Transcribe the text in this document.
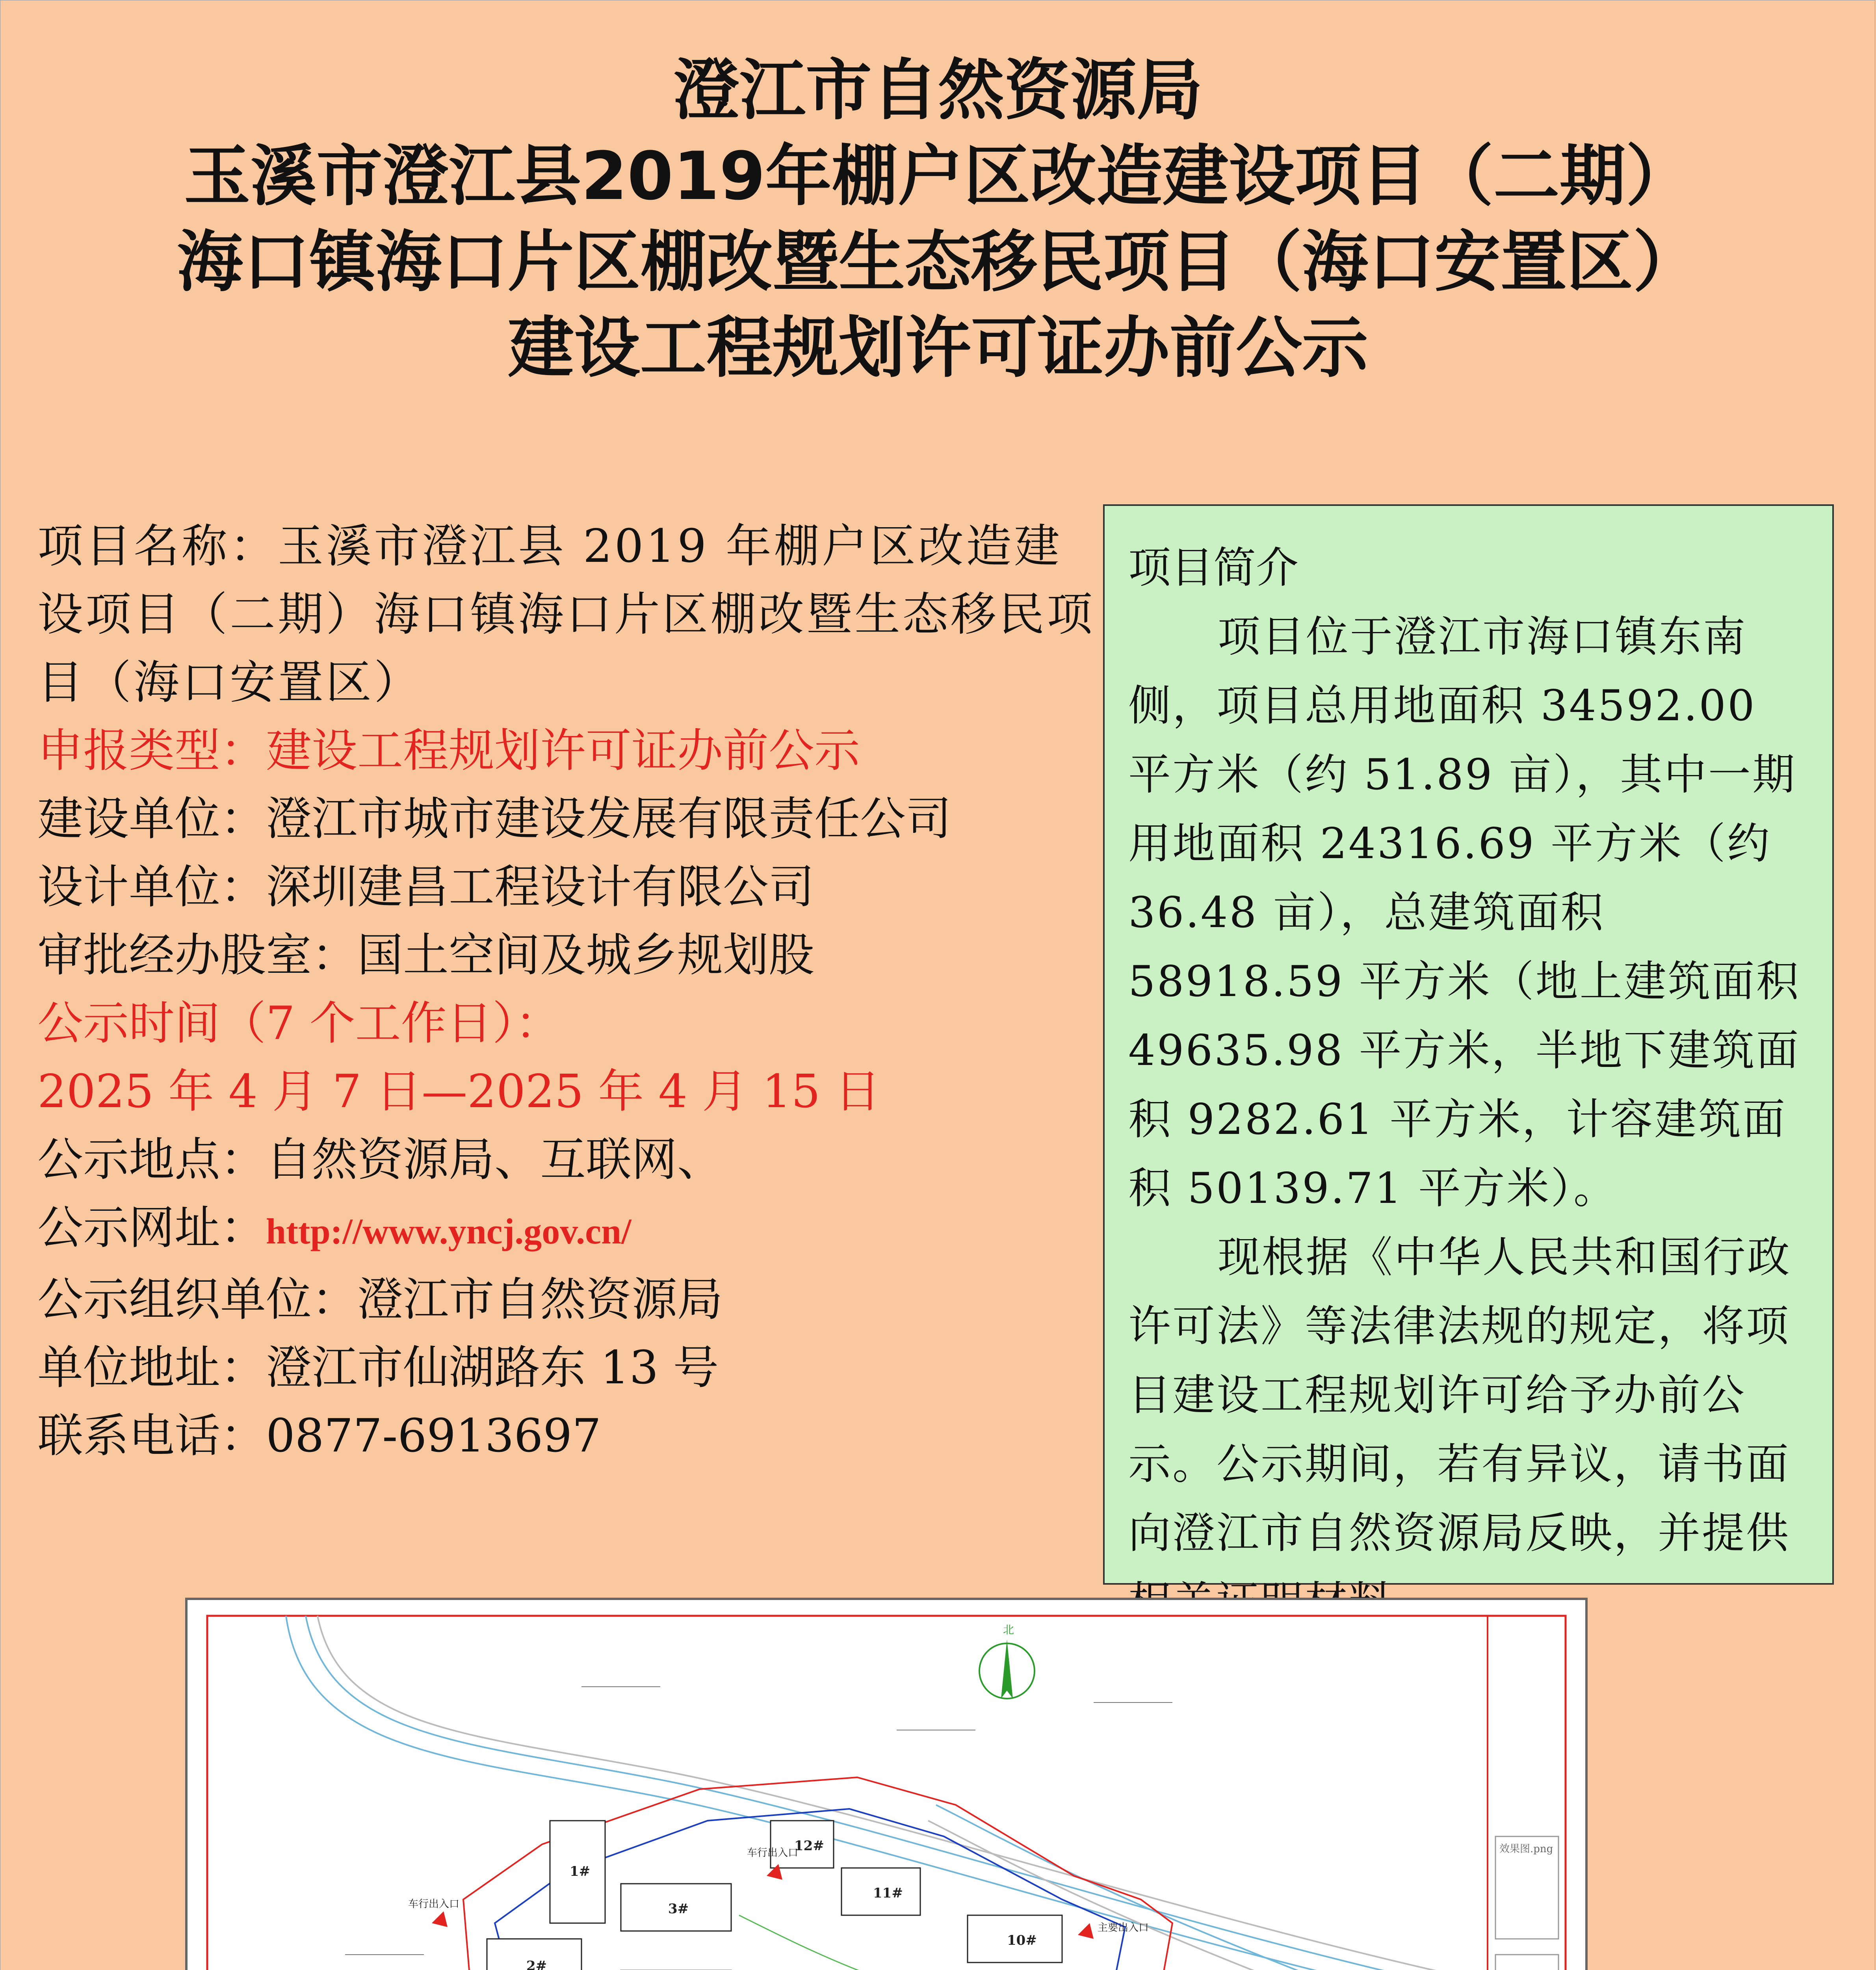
澄江市自然资源局
玉溪市澄江县2019年棚户区改造建设项目（二期）
海口镇海口片区棚改暨生态移民项目（海口安置区）
建设工程规划许可证办前公示
项目名称：玉溪市澄江县 2019 年棚户区改造建设项目（二期）海口镇海口片区棚改暨生态移民项目（海口安置区）
申报类型：建设工程规划许可证办前公示
建设单位：澄江市城市建设发展有限责任公司
设计单位：深圳建昌工程设计有限公司
审批经办股室：国土空间及城乡规划股
公示时间（7 个工作日）：
2025 年 4 月 7 日—2025 年 4 月 15 日
公示地点：自然资源局、互联网、
公示网址：http://www.yncj.gov.cn/
公示组织单位：澄江市自然资源局
单位地址：澄江市仙湖路东 13 号
联系电话：0877-6913697
项目简介
项目位于澄江市海口镇东南侧，项目总用地面积 34592.00 平方米（约 51.89 亩），其中一期用地面积 24316.69 平方米（约 36.48 亩），总建筑面积 58918.59 平方米（地上建筑面积 49635.98 平方米，半地下建筑面积 9282.61 平方米，计容建筑面积 50139.71 平方米）。
现根据《中华人民共和国行政许可法》等法律法规的规定，将项目建设工程规划许可给予办前公示。公示期间，若有异议，请书面向澄江市自然资源局反映，并提供
效果图.png
北
1#
2#
3#
10#
11#
12#
车行出入口
车行出入口
主要出入口
